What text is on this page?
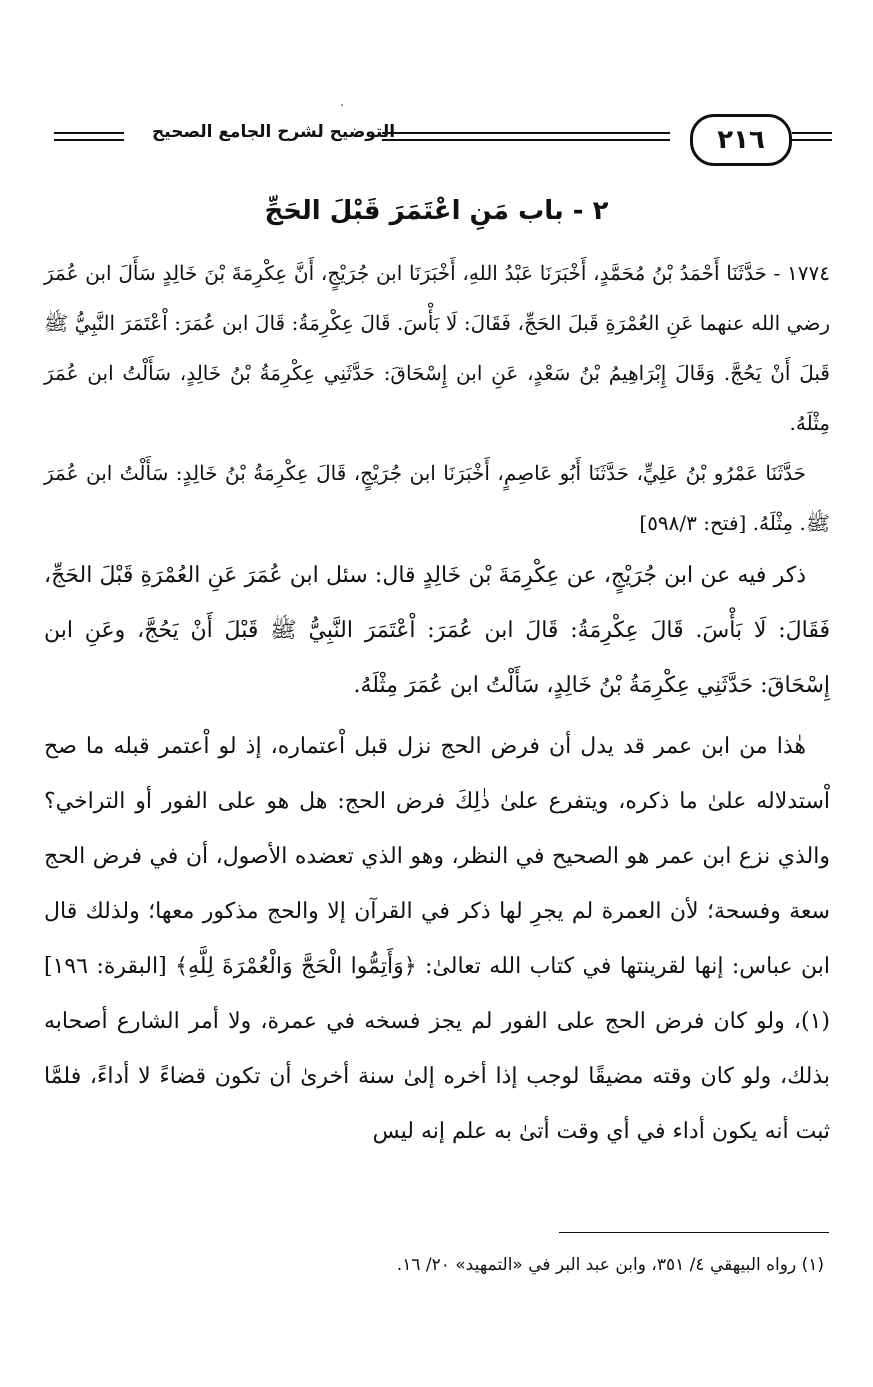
٢١٦
التوضيح لشرح الجامع الصحيح
٢ - باب مَنِ اعْتَمَرَ قَبْلَ الحَجِّ

١٧٧٤ - حَدَّثَنَا أَحْمَدُ بْنُ مُحَمَّدٍ، أَخْبَرَنَا عَبْدُ اللهِ، أَخْبَرَنَا ابن جُرَيْجٍ، أَنَّ عِكْرِمَةَ بْنَ خَالِدٍ سَأَلَ ابن عُمَرَ رضي الله عنهما عَنِ العُمْرَةِ قَبلَ الحَجِّ، فَقَالَ: لَا بَأْسَ. قَالَ عِكْرِمَةُ: قَالَ ابن عُمَرَ: اْعْتَمَرَ النَّبِيُّ ﷺ قَبلَ أَنْ يَحُجَّ. وَقَالَ إِبْرَاهِيمُ بْنُ سَعْدٍ، عَنِ ابن إِسْحَاقَ: حَدَّثَنِي عِكْرِمَةُ بْنُ خَالِدٍ، سَأَلْتُ ابن عُمَرَ مِثْلَهُ.

حَدَّثَنَا عَمْرُو بْنُ عَلِيٍّ، حَدَّثَنَا أَبُو عَاصِمٍ، أَخْبَرَنَا ابن جُرَيْجٍ، قَالَ عِكْرِمَةُ بْنُ خَالِدٍ: سَأَلْتُ ابن عُمَرَ ﷺ. مِثْلَهُ. [فتح: ٥٩٨/٣]

ذكر فيه عن ابن جُرَيْجٍ، عن عِكْرِمَةَ بْن خَالِدٍ قال: سئل ابن عُمَرَ عَنِ العُمْرَةِ قَبْلَ الحَجِّ، فَقَالَ: لَا بَأْسَ. قَالَ عِكْرِمَةُ: قَالَ ابن عُمَرَ: اْعْتَمَرَ النَّبِيُّ ﷺ قَبْلَ أَنْ يَحُجَّ، وعَنِ ابن إِسْحَاقَ: حَدَّثَنِي عِكْرِمَةُ بْنُ خَالِدٍ، سَأَلْتُ ابن عُمَرَ مِثْلَهُ.

هٰذا من ابن عمر قد يدل أن فرض الحج نزل قبل اْعتماره، إذ لو اْعتمر قبله ما صح اْستدلاله علىٰ ما ذكره، ويتفرع علىٰ ذٰلِكَ فرض الحج: هل هو على الفور أو التراخي؟ والذي نزع ابن عمر هو الصحيح في النظر، وهو الذي تعضده الأصول، أن في فرض الحج سعة وفسحة؛ لأن العمرة لم يجرِ لها ذكر في القرآن إلا والحج مذكور معها؛ ولذلك قال ابن عباس: إنها لقرينتها في كتاب الله تعالىٰ: ﴿وَأَتِمُّوا الْحَجَّ وَالْعُمْرَةَ لِلَّهِ﴾ [البقرة: ١٩٦](١)، ولو كان فرض الحج على الفور لم يجز فسخه في عمرة، ولا أمر الشارع أصحابه بذلك، ولو كان وقته مضيقًا لوجب إذا أخره إلىٰ سنة أخرىٰ أن تكون قضاءً لا أداءً، فلمَّا ثبت أنه يكون أداء في أي وقت أتىٰ به علم إنه ليس

(١) رواه البيهقي ٤/ ٣٥١، وابن عبد البر في «التمهيد» ٢٠/ ١٦.
